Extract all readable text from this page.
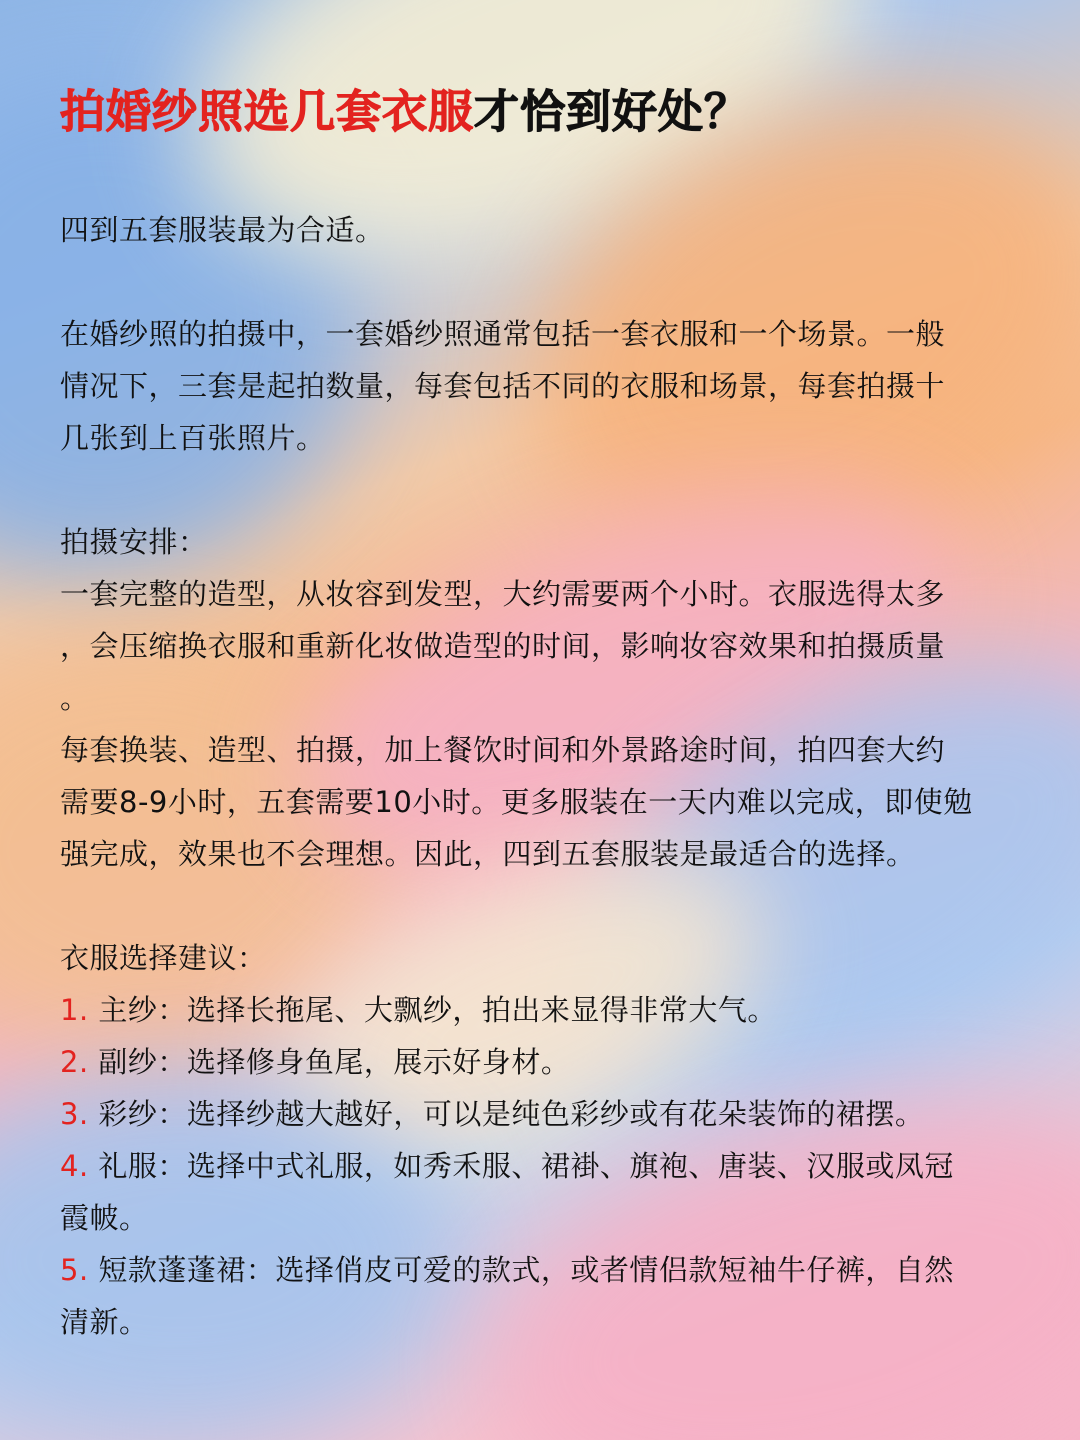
拍婚纱照选几套衣服才恰到好处？

四到五套服装最为合适。

在婚纱照的拍摄中，一套婚纱照通常包括一套衣服和一个场景。一般

情况下，三套是起拍数量，每套包括不同的衣服和场景，每套拍摄十

几张到上百张照片。

拍摄安排：

一套完整的造型，从妆容到发型，大约需要两个小时。衣服选得太多

，会压缩换衣服和重新化妆做造型的时间，影响妆容效果和拍摄质量

。

每套换装、造型、拍摄，加上餐饮时间和外景路途时间，拍四套大约

需要8-9小时，五套需要10小时。更多服装在一天内难以完成，即使勉

强完成，效果也不会理想。因此，四到五套服装是最适合的选择。

衣服选择建议：

1. 主纱：选择长拖尾、大飘纱，拍出来显得非常大气。

2. 副纱：选择修身鱼尾，展示好身材。

3. 彩纱：选择纱越大越好，可以是纯色彩纱或有花朵装饰的裙摆。

4. 礼服：选择中式礼服，如秀禾服、裙褂、旗袍、唐装、汉服或凤冠

霞帔。

5. 短款蓬蓬裙：选择俏皮可爱的款式，或者情侣款短袖牛仔裤，自然

清新。
